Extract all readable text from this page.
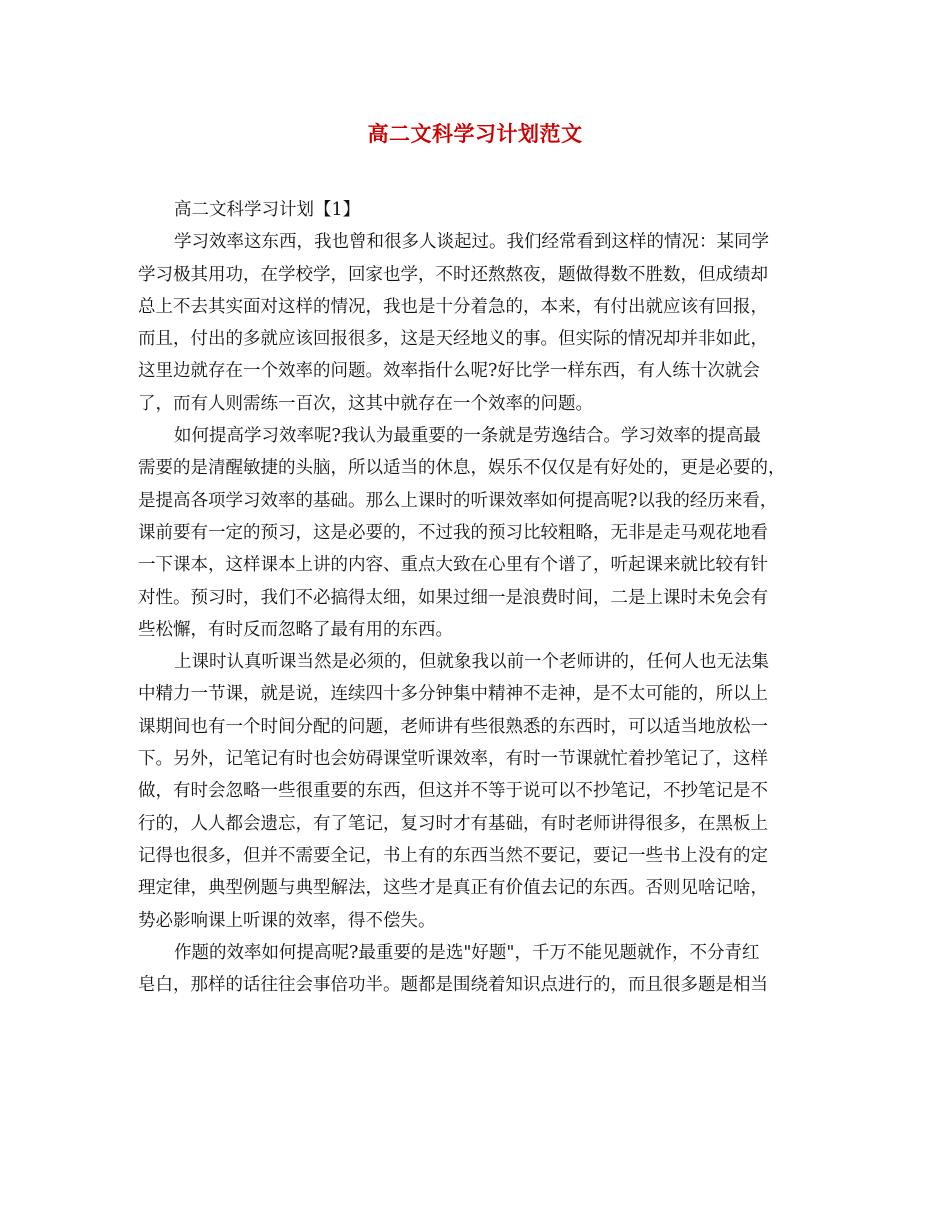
高二文科学习计划范文
高二文科学习计划【1】
学习效率这东西，我也曾和很多人谈起过。我们经常看到这样的情况：某同学
学习极其用功，在学校学，回家也学，不时还熬熬夜，题做得数不胜数，但成绩却
总上不去其实面对这样的情况，我也是十分着急的，本来，有付出就应该有回报，
而且，付出的多就应该回报很多，这是天经地义的事。但实际的情况却并非如此，
这里边就存在一个效率的问题。效率指什么呢?好比学一样东西，有人练十次就会
了，而有人则需练一百次，这其中就存在一个效率的问题。
如何提高学习效率呢?我认为最重要的一条就是劳逸结合。学习效率的提高最
需要的是清醒敏捷的头脑，所以适当的休息，娱乐不仅仅是有好处的，更是必要的，
是提高各项学习效率的基础。那么上课时的听课效率如何提高呢?以我的经历来看，
课前要有一定的预习，这是必要的，不过我的预习比较粗略，无非是走马观花地看
一下课本，这样课本上讲的内容、重点大致在心里有个谱了，听起课来就比较有针
对性。预习时，我们不必搞得太细，如果过细一是浪费时间，二是上课时未免会有
些松懈，有时反而忽略了最有用的东西。
上课时认真听课当然是必须的，但就象我以前一个老师讲的，任何人也无法集
中精力一节课，就是说，连续四十多分钟集中精神不走神，是不太可能的，所以上
课期间也有一个时间分配的问题，老师讲有些很熟悉的东西时，可以适当地放松一
下。另外，记笔记有时也会妨碍课堂听课效率，有时一节课就忙着抄笔记了，这样
做，有时会忽略一些很重要的东西，但这并不等于说可以不抄笔记，不抄笔记是不
行的，人人都会遗忘，有了笔记，复习时才有基础，有时老师讲得很多，在黑板上
记得也很多，但并不需要全记，书上有的东西当然不要记，要记一些书上没有的定
理定律，典型例题与典型解法，这些才是真正有价值去记的东西。否则见啥记啥，
势必影响课上听课的效率，得不偿失。
作题的效率如何提高呢?最重要的是选"好题"，千万不能见题就作，不分青红
皂白，那样的话往往会事倍功半。题都是围绕着知识点进行的，而且很多题是相当
